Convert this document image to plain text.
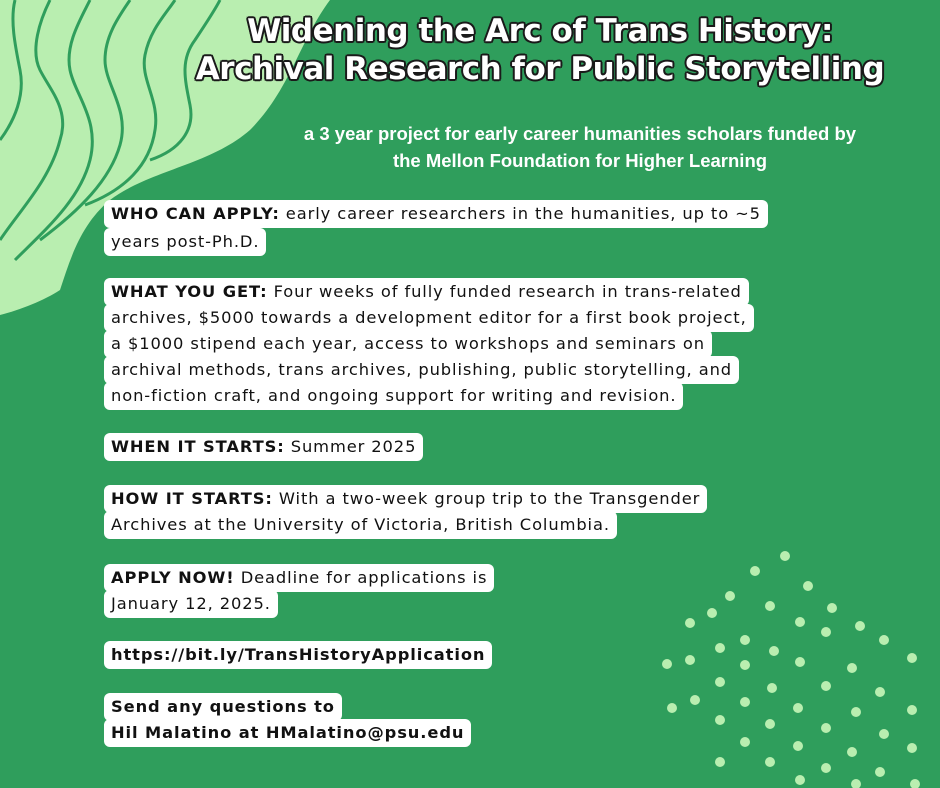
Widening the Arc of Trans History:
Archival Research for Public Storytelling

a 3 year project for early career humanities scholars funded by
the Mellon Foundation for Higher Learning

WHO CAN APPLY: early career researchers in the humanities, up to ~5
years post-Ph.D.
WHAT YOU GET: Four weeks of fully funded research in trans-related
archives, $5000 towards a development editor for a first book project,
a $1000 stipend each year, access to workshops and seminars on
archival methods, trans archives, publishing, public storytelling, and
non-fiction craft, and ongoing support for writing and revision.
WHEN IT STARTS: Summer 2025
HOW IT STARTS: With a two-week group trip to the Transgender
Archives at the University of Victoria, British Columbia.
APPLY NOW! Deadline for applications is
January 12, 2025.
https://bit.ly/TransHistoryApplication
Send any questions to
Hil Malatino at HMalatino@psu.edu
